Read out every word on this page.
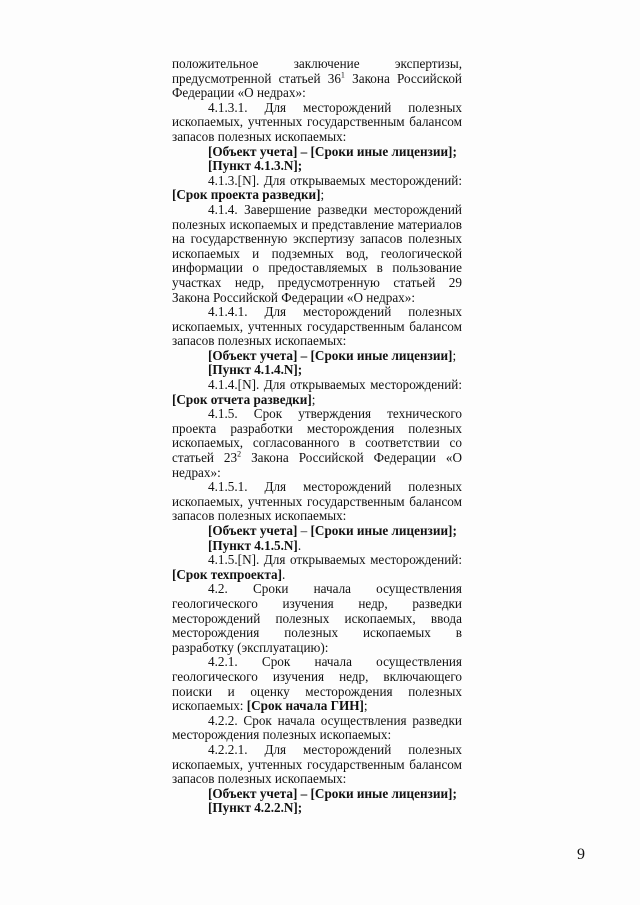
положительное заключение экспертизы, предусмотренной статьей $36^1$ Закона Российской Федерации «О недрах»:

4.1.3.1. Для месторождений полезных ископаемых, учтенных государственным балансом запасов полезных ископаемых:

[Объект учета] – [Сроки иные лицензии];

[Пункт 4.1.3.N];

4.1.3.[N]. Для открываемых месторождений: [Срок проекта разведки];

4.1.4. Завершение разведки месторождений полезных ископаемых и представление материалов на государственную экспертизу запасов полезных ископаемых и подземных вод, геологической информации о предоставляемых в пользование участках недр, предусмотренную статьей 29 Закона Российской Федерации «О недрах»:

4.1.4.1. Для месторождений полезных ископаемых, учтенных государственным балансом запасов полезных ископаемых:

[Объект учета] – [Сроки иные лицензии];

[Пункт 4.1.4.N];

4.1.4.[N]. Для открываемых месторождений: [Срок отчета разведки];

4.1.5. Срок утверждения технического проекта разработки месторождения полезных ископаемых, согласованного в соответствии со статьей $23^2$ Закона Российской Федерации «О недрах»:

4.1.5.1. Для месторождений полезных ископаемых, учтенных государственным балансом запасов полезных ископаемых:

[Объект учета] – [Сроки иные лицензии];

[Пункт 4.1.5.N].

4.1.5.[N]. Для открываемых месторождений: [Срок техпроекта].

4.2. Сроки начала осуществления геологического изучения недр, разведки месторождений полезных ископаемых, ввода месторождения полезных ископаемых в разработку (эксплуатацию):

4.2.1. Срок начала осуществления геологического изучения недр, включающего поиски и оценку месторождения полезных ископаемых: [Срок начала ГИН];

4.2.2. Срок начала осуществления разведки месторождения полезных ископаемых:

4.2.2.1. Для месторождений полезных ископаемых, учтенных государственным балансом запасов полезных ископаемых:

[Объект учета] – [Сроки иные лицензии];

[Пункт 4.2.2.N];

9
